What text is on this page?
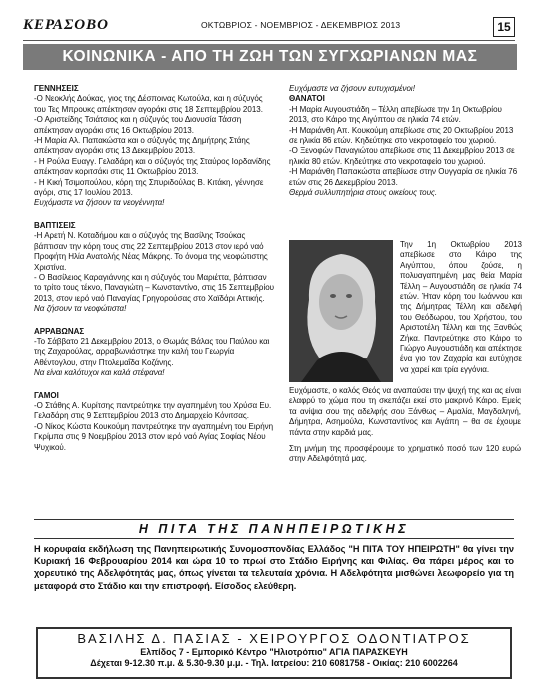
ΚΕΡΑΣΟΒΟ	ΟΚΤΩΒΡΙΟΣ - ΝΟΕΜΒΡΙΟΣ - ΔΕΚΕΜΒΡΙΟΣ 2013	15
ΚΟΙΝΩΝΙΚΑ - ΑΠΟ ΤΗ ΖΩΗ ΤΩΝ ΣΥΓΧΩΡΙΑΝΩΝ ΜΑΣ

ΓΕΝΝΗΣΕΙΣ

-Ο Νεοκλής Δούκας, γιος της Δέσποινας Κωτούλα, και η σύζυγός του Τες Μπρουκς απέκτησαν αγοράκι στις 18 Σεπτεμβρίου 2013.

-Ο Αριστείδης Τσιάτσιος και η σύζυγός του Διονυσία Τάσση απέκτησαν αγοράκι στις 16 Οκτωβρίου 2013.

-Η Μαρία Αλ. Παπακώστα και ο σύζυγός της Δημήτρης Στάης απέκτησαν αγοράκι στις 13 Δεκεμβρίου 2013.

- Η Ρούλα Ευαγγ. Γελαδάρη και ο σύζυγός της Σταύρος Ιορδανίδης απέκτησαν κοριτσάκι στις 11 Οκτωβρίου 2013.

- Η Κική Τσιμοπούλου, κόρη της Σπυριδούλας Β. Κιτάκη, γέννησε αγόρι, στις 17 Ιουλίου 2013.

Ευχόμαστε να ζήσουν τα νεογέννητα!

ΒΑΠΤΙΣΕΙΣ

-Η Αρετή Ν. Κοταδήμου και ο σύζυγός της Βασίλης Τσούκας βάπτισαν την κόρη τους στις 22 Σεπτεμβρίου 2013 στον ιερό ναό Προφήτη Ηλία Ανατολής Νέας Μάκρης. Το όνομα της νεοφώτιστης Χριστίνα.

- Ο Βασίλειος Καραγιάννης και η σύζυγός του Μαριέττα, βάπτισαν το τρίτο τους τέκνο, Παναγιώτη – Κωνσταντίνο, στις 15 Σεπτεμβρίου 2013, στον ιερό ναό Παναγίας Γρηγορούσας στο Χαϊδάρι Αττικής.

Να ζήσουν τα νεοφώτιστα!

ΑΡΡΑΒΩΝΑΣ

-Το Σάββατο 21 Δεκεμβρίου 2013, ο Θωμάς Βάλας του Παύλου και της Ζαχαρούλας, αρραβωνιάστηκε την καλή του Γεωργία Αθέντογλου, στην Πτολεμαΐδα Κοζάνης.

Να είναι καλότυχοι και καλά στέφανα!

ΓΑΜΟΙ

-Ο Στάθης Α. Κυρίτσης παντρεύτηκε την αγαπημένη του Χρύσα Ευ. Γελαδάρη στις 9 Σεπτεμβρίου 2013 στο Δημαρχείο Κόνιτσας.

-Ο Νίκος Κώστα Κουκούμη παντρεύτηκε την αγαπημένη του Ειρήνη Γκρίμπα στις 9 Νοεμβρίου 2013 στον ιερό ναό Αγίας Σοφίας Νέου Ψυχικού.

Ευχόμαστε να ζήσουν ευτυχισμένοι!

ΘΑΝΑΤΟΙ

-Η Μαρία Αυγουστιάδη – Τέλλη απεβίωσε την 1η Οκτωβρίου 2013, στο Κάιρο της Αιγύπτου σε ηλικία 74 ετών.

-Η Μαριάνθη Απ. Κουκούμη απεβίωσε στις 20 Οκτωβρίου 2013 σε ηλικία 86 ετών. Κηδεύτηκε στο νεκροταφείο του χωριού.

-Ο Ξενοφών Παναγιώτου απεβίωσε στις 11 Δεκεμβρίου 2013 σε ηλικία 80 ετών. Κηδεύτηκε στο νεκροταφείο του χωριού.

-Η Μαριάνθη Παπακώστα απεβίωσε στην Ουγγαρία σε ηλικία 76 ετών στις 26 Δεκεμβρίου 2013.

Θερμά συλλυπητήρια στους οικείους τους.

Την 1η Οκτωβρίου 2013 απεβίωσε στο Κάιρο της Αιγύπτου, όπου ζούσε, η πολυαγαπημένη μας θεία Μαρία Τέλλη – Αυγουστιάδη σε ηλικία 74 ετών. Ήταν κόρη του Ιωάννου και της Δήμητρας Τέλλη και αδελφή του Θεόδωρου, του Χρήστου, του Αριστοτέλη Τέλλη και της Ξανθώς Ζήκα. Παντρεύτηκε στο Κάιρο το Γιώργο Αυγουστιάδη και απέκτησε ένα γιο τον Ζαχαρία και ευτύχησε να χαρεί και τρία εγγόνια.

Ευχόμαστε, ο καλός Θεός να αναπαύσει την ψυχή της και ας είναι ελαφρύ το χώμα που τη σκεπάζει εκεί στο μακρινό Κάιρο. Εμείς τα ανίψια σου της αδελφής σου Ξάνθως – Αμαλία, Μαγδαληνή, Δήμητρα, Ασημούλα, Κωνσταντίνος και Αγάπη – θα σε έχουμε πάντα στην καρδιά μας.

Στη μνήμη της προσφέρουμε το χρηματικό ποσό των 120 ευρώ στην Αδελφότητά μας.

Η ΠΙΤΑ ΤΗΣ ΠΑΝΗΠΕΙΡΩΤΙΚΗΣ
Η κορυφαία εκδήλωση της Πανηπειρωτικής Συνομοσπονδίας Ελλάδος "Η ΠΙΤΑ ΤΟΥ ΗΠΕΙΡΩΤΗ" θα γίνει την Κυριακή 16 Φεβρουαρίου 2014 και ώρα 10 το πρωί στο Στάδιο Ειρήνης και Φιλίας. Θα πάρει μέρος και το χορευτικό της Αδελφότητάς μας, όπως γίνεται τα τελευταία χρόνια. Η Αδελφότητα μισθώνει λεωφορείο για τη μεταφορά στο Στάδιο και την επιστροφή. Είσοδος ελεύθερη.
ΒΑΣΙΛΗΣ Δ. ΠΑΣΙΑΣ - ΧΕΙΡΟΥΡΓΟΣ ΟΔΟΝΤΙΑΤΡΟΣ
Ελπίδος 7 - Εμπορικό Κέντρο "Ηλιοτρόπιο" ΑΓΙΑ ΠΑΡΑΣΚΕΥΗ
Δέχεται 9-12.30 π.μ. & 5.30-9.30 μ.μ. - Τηλ. Ιατρείου: 210 6081758 - Οικίας: 210 6002264
